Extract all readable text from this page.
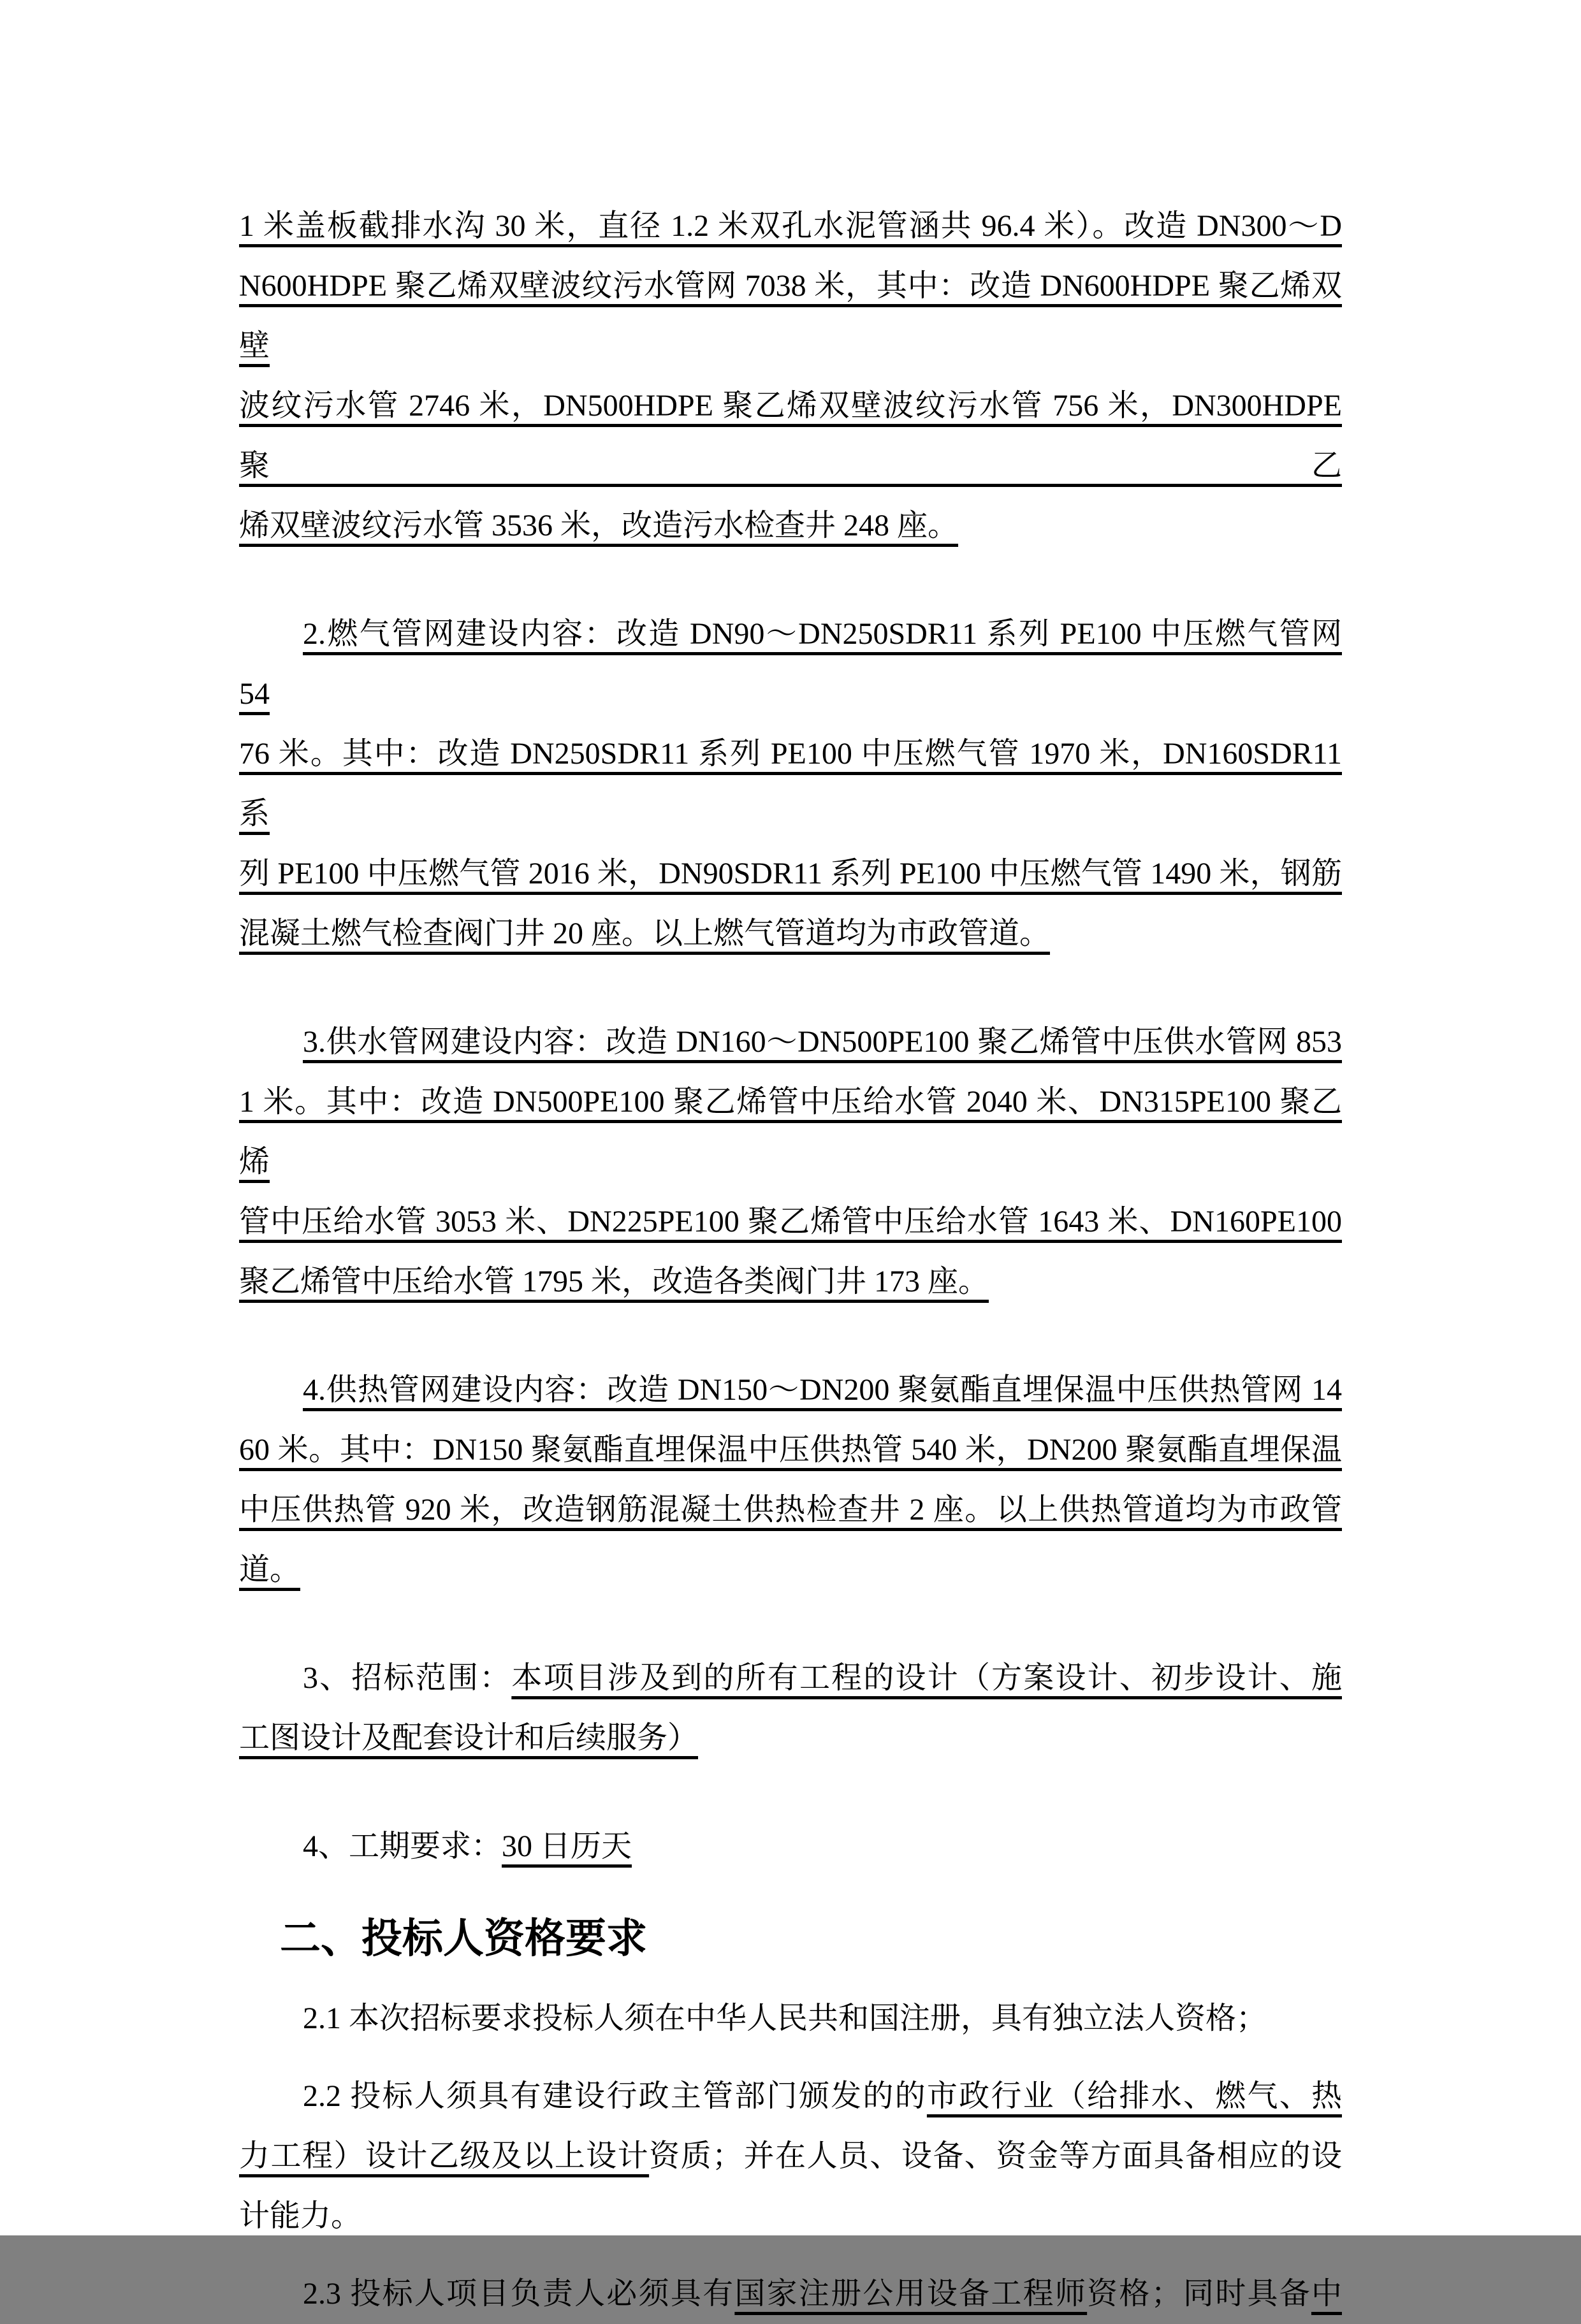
1 米盖板截排水沟 30 米，直径 1.2 米双孔水泥管涵共 96.4 米）。改造 DN300～D
N600HDPE 聚乙烯双壁波纹污水管网 7038 米，其中：改造 DN600HDPE 聚乙烯双壁
波纹污水管 2746 米，DN500HDPE 聚乙烯双壁波纹污水管 756 米，DN300HDPE 聚乙
烯双壁波纹污水管 3536 米，改造污水检查井 248 座。
2.燃气管网建设内容：改造 DN90～DN250SDR11 系列 PE100 中压燃气管网 54
76 米。其中：改造 DN250SDR11 系列 PE100 中压燃气管 1970 米，DN160SDR11 系
列 PE100 中压燃气管 2016 米，DN90SDR11 系列 PE100 中压燃气管 1490 米，钢筋
混凝土燃气检查阀门井 20 座。以上燃气管道均为市政管道。
3.供水管网建设内容：改造 DN160～DN500PE100 聚乙烯管中压供水管网 853
1 米。其中：改造 DN500PE100 聚乙烯管中压给水管 2040 米、DN315PE100 聚乙烯
管中压给水管 3053 米、DN225PE100 聚乙烯管中压给水管 1643 米、DN160PE100
聚乙烯管中压给水管 1795 米，改造各类阀门井 173 座。
4.供热管网建设内容：改造 DN150～DN200 聚氨酯直埋保温中压供热管网 14
60 米。其中：DN150 聚氨酯直埋保温中压供热管 540 米，DN200 聚氨酯直埋保温
中压供热管 920 米，改造钢筋混凝土供热检查井 2 座。以上供热管道均为市政管
道。
3、招标范围：本项目涉及到的所有工程的设计（方案设计、初步设计、施
工图设计及配套设计和后续服务）
4、工期要求：30 日历天
二、投标人资格要求
2.1 本次招标要求投标人须在中华人民共和国注册，具有独立法人资格；
2.2 投标人须具有建设行政主管部门颁发的的市政行业（给排水、燃气、热
力工程）设计乙级及以上设计资质；并在人员、设备、资金等方面具备相应的设
计能力。
2.3 投标人项目负责人必须具有国家注册公用设备工程师资格；同时具备中
